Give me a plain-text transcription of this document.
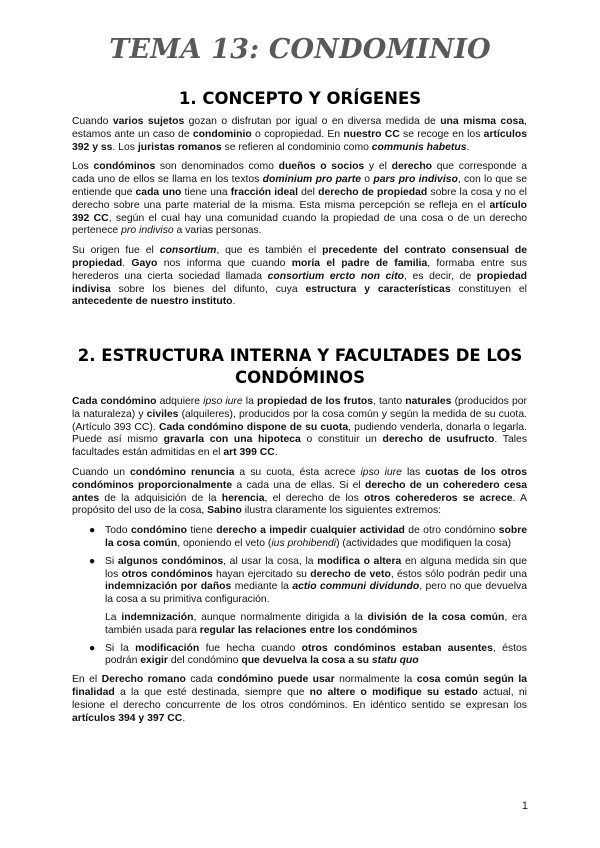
TEMA 13: CONDOMINIO
1. CONCEPTO Y ORÍGENES

Cuando varios sujetos gozan o disfrutan por igual o en diversa medida de una misma cosa, estamos ante un caso de condominio o copropiedad. En nuestro CC se recoge en los artículos 392 y ss. Los juristas romanos se refieren al condominio como communis habetus.

Los condóminos son denominados como dueños o socios y el derecho que corresponde a cada uno de ellos se llama en los textos dominium pro parte o pars pro indiviso, con lo que se entiende que cada uno tiene una fracción ideal del derecho de propiedad sobre la cosa y no el derecho sobre una parte material de la misma. Esta misma percepción se refleja en el artículo 392 CC, según el cual hay una comunidad cuando la propiedad de una cosa o de un derecho pertenece pro indiviso a varias personas.

Su origen fue el consortium, que es también el precedente del contrato consensual de propiedad. Gayo nos informa que cuando moría el padre de familia, formaba entre sus herederos una cierta sociedad llamada consortium ercto non cito, es decir, de propiedad indivisa sobre los bienes del difunto, cuya estructura y características constituyen el antecedente de nuestro instituto.

2. ESTRUCTURA INTERNA Y FACULTADES DE LOS CONDÓMINOS

Cada condómino adquiere ipso iure la propiedad de los frutos, tanto naturales (producidos por la naturaleza) y civiles (alquileres), producidos por la cosa común y según la medida de su cuota. (Artículo 393 CC). Cada condómino dispone de su cuota, pudiendo venderla, donarla o legarla. Puede así mismo gravarla con una hipoteca o constituir un derecho de usufructo. Tales facultades están admitidas en el art 399 CC.

Cuando un condómino renuncia a su cuota, ésta acrece ipso iure las cuotas de los otros condóminos proporcionalmente a cada una de ellas. Si el derecho de un coheredero cesa antes de la adquisición de la herencia, el derecho de los otros coherederos se acrece. A propósito del uso de la cosa, Sabino ilustra claramente los siguientes extremos:

● Todo condómino tiene derecho a impedir cualquier actividad de otro condómino sobre la cosa común, oponiendo el veto (ius prohibendi) (actividades que modifiquen la cosa)

● Si algunos condóminos, al usar la cosa, la modifica o altera en alguna medida sin que los otros condóminos hayan ejercitado su derecho de veto, éstos sólo podrán pedir una indemnización por daños mediante la actio communi dividundo, pero no que devuelva la cosa a su primitiva configuración.

La indemnización, aunque normalmente dirigida a la división de la cosa común, era también usada para regular las relaciones entre los condóminos

● Si la modificación fue hecha cuando otros condóminos estaban ausentes, éstos podrán exigir del condómino que devuelva la cosa a su statu quo

En el Derecho romano cada condómino puede usar normalmente la cosa común según la finalidad a la que esté destinada, siempre que no altere o modifique su estado actual, ni lesione el derecho concurrente de los otros condóminos. En idéntico sentido se expresan los artículos 394 y 397 CC.

1
